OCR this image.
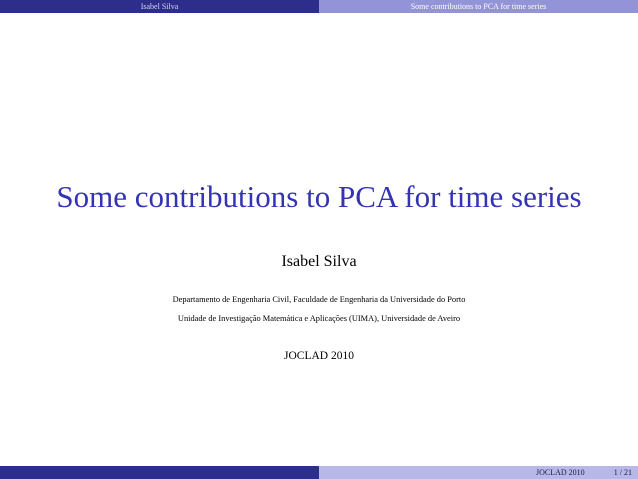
Isabel Silva	Some contributions to PCA for time series
Some contributions to PCA for time series
Isabel Silva
Departamento de Engenharia Civil, Faculdade de Engenharia da Universidade do Porto
Unidade de Investigação Matemática e Aplicações (UIMA), Universidade de Aveiro
JOCLAD 2010
JOCLAD 2010	1 / 21
